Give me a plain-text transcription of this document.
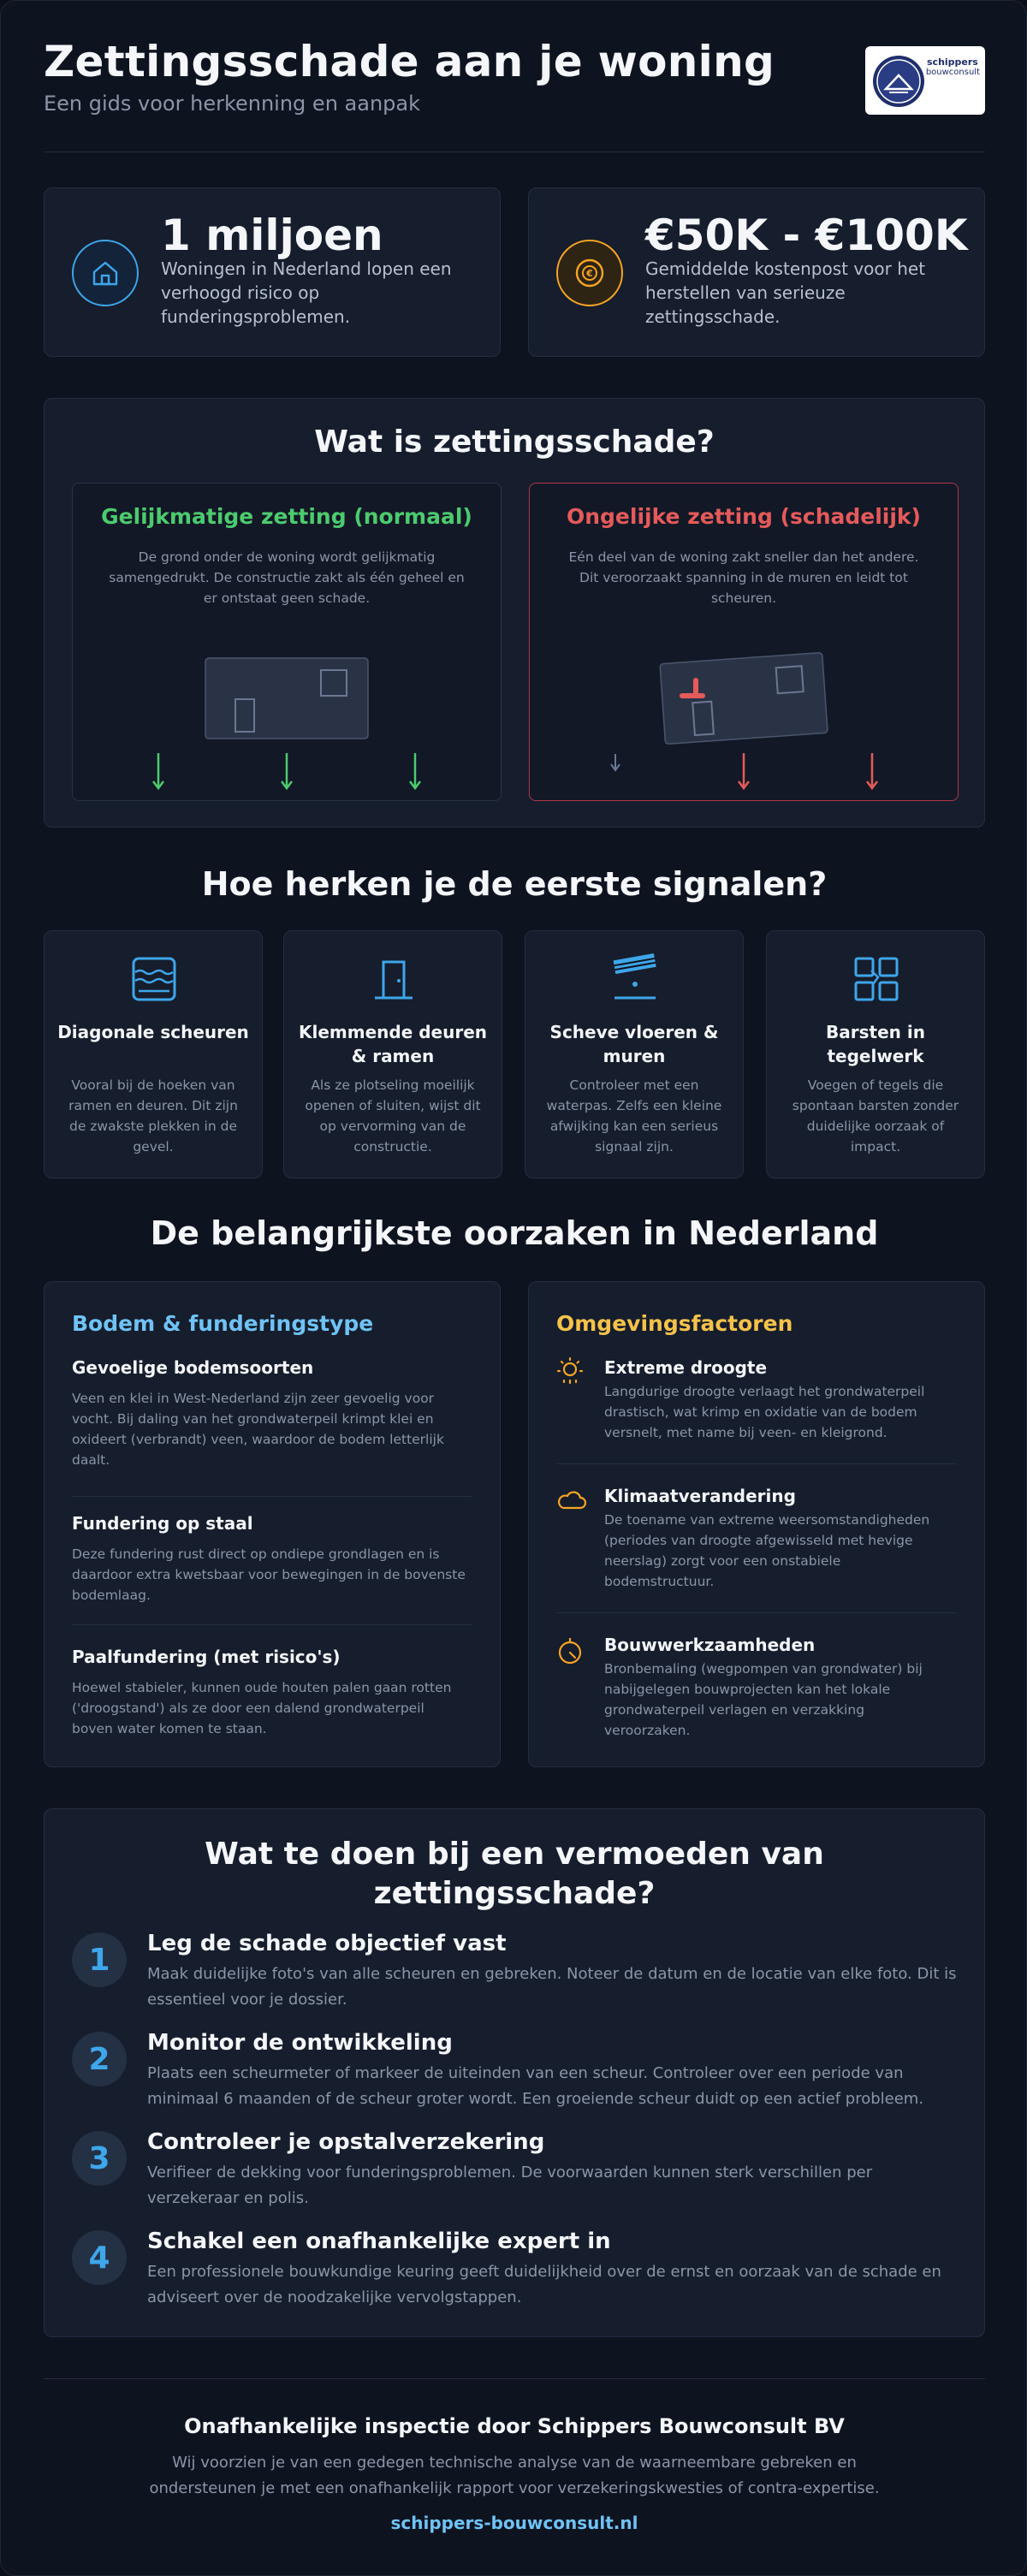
Zettingsschade aan je woning
Een gids voor herkenning en aanpak
schippers
bouwconsult
1 miljoen
Woningen in Nederland lopen een verhoogd risico op funderingsproblemen.
€
€50K - €100K
Gemiddelde kostenpost voor het herstellen van serieuze zettingsschade.
Wat is zettingsschade?
Gelijkmatige zetting (normaal)
De grond onder de woning wordt gelijkmatig samengedrukt. De constructie zakt als één geheel en er ontstaat geen schade.
Ongelijke zetting (schadelijk)
Eén deel van de woning zakt sneller dan het andere. Dit veroorzaakt spanning in de muren en leidt tot scheuren.
Hoe herken je de eerste signalen?
Diagonale scheuren
Vooral bij de hoeken van ramen en deuren. Dit zijn de zwakste plekken in de gevel.
Klemmende deuren & ramen
Als ze plotseling moeilijk openen of sluiten, wijst dit op vervorming van de constructie.
Scheve vloeren & muren
Controleer met een waterpas. Zelfs een kleine afwijking kan een serieus signaal zijn.
Barsten in tegelwerk
Voegen of tegels die spontaan barsten zonder duidelijke oorzaak of impact.
De belangrijkste oorzaken in Nederland
Bodem & funderingstype
Gevoelige bodemsoorten
Veen en klei in West-Nederland zijn zeer gevoelig voor vocht. Bij daling van het grondwaterpeil krimpt klei en oxideert (verbrandt) veen, waardoor de bodem letterlijk daalt.
Fundering op staal
Deze fundering rust direct op ondiepe grondlagen en is daardoor extra kwetsbaar voor bewegingen in de bovenste bodemlaag.
Paalfundering (met risico's)
Hoewel stabieler, kunnen oude houten palen gaan rotten ('droogstand') als ze door een dalend grondwaterpeil boven water komen te staan.
Omgevingsfactoren
Extreme droogte
Langdurige droogte verlaagt het grondwaterpeil drastisch, wat krimp en oxidatie van de bodem versnelt, met name bij veen- en kleigrond.
Klimaatverandering
De toename van extreme weersomstandigheden (periodes van droogte afgewisseld met hevige neerslag) zorgt voor een onstabiele bodemstructuur.
Bouwwerkzaamheden
Bronbemaling (wegpompen van grondwater) bij nabijgelegen bouwprojecten kan het lokale grondwaterpeil verlagen en verzakking veroorzaken.
Wat te doen bij een vermoeden van zettingsschade?
1	Leg de schade objectief vast
Maak duidelijke foto's van alle scheuren en gebreken. Noteer de datum en de locatie van elke foto. Dit is essentieel voor je dossier.
2	Monitor de ontwikkeling
Plaats een scheurmeter of markeer de uiteinden van een scheur. Controleer over een periode van minimaal 6 maanden of de scheur groter wordt. Een groeiende scheur duidt op een actief probleem.
3	Controleer je opstalverzekering
Verifieer de dekking voor funderingsproblemen. De voorwaarden kunnen sterk verschillen per verzekeraar en polis.
4	Schakel een onafhankelijke expert in
Een professionele bouwkundige keuring geeft duidelijkheid over de ernst en oorzaak van de schade en adviseert over de noodzakelijke vervolgstappen.
Onafhankelijke inspectie door Schippers Bouwconsult BV
Wij voorzien je van een gedegen technische analyse van de waarneembare gebreken en ondersteunen je met een onafhankelijk rapport voor verzekeringskwesties of contra-expertise.
schippers-bouwconsult.nl
